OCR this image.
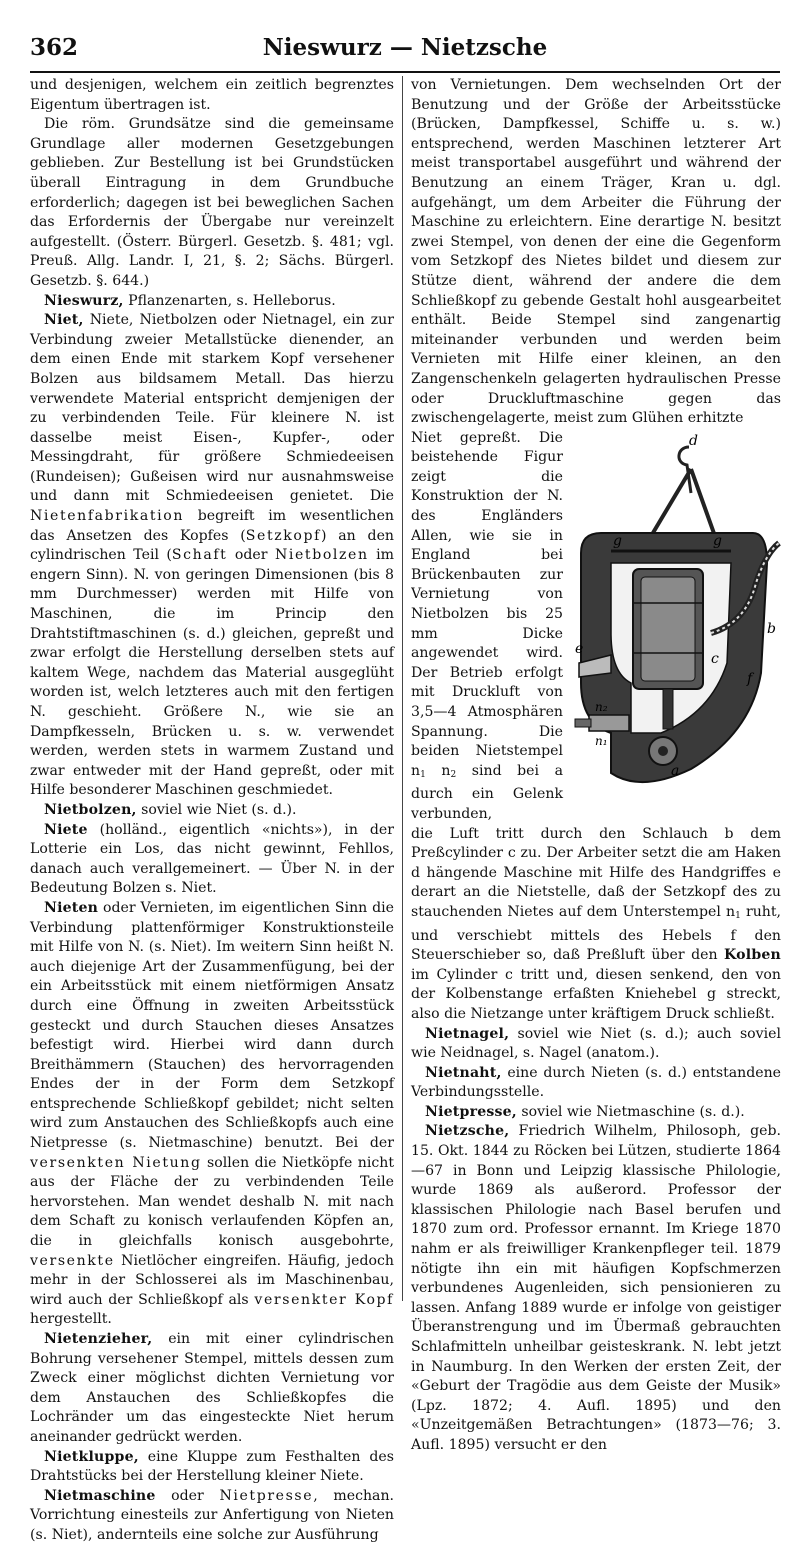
362	Nieswurz — Nietzsche

und desjenigen, welchem ein zeitlich begrenztes Eigentum übertragen ist.

Die röm. Grundsätze sind die gemeinsame Grundlage aller modernen Gesetzgebungen geblieben. Zur Bestellung ist bei Grundstücken überall Eintragung in dem Grundbuche erforderlich; dagegen ist bei beweglichen Sachen das Erfordernis der Übergabe nur vereinzelt aufgestellt. (Österr. Bürgerl. Gesetzb. §. 481; vgl. Preuß. Allg. Landr. I, 21, §. 2; Sächs. Bürgerl. Gesetzb. §. 644.)

Nieswurz, Pflanzenarten, s. Helleborus.

Niet, Niete, Nietbolzen oder Nietnagel, ein zur Verbindung zweier Metallstücke dienender, an dem einen Ende mit starkem Kopf versehener Bolzen aus bildsamem Metall. Das hierzu verwendete Material entspricht demjenigen der zu verbindenden Teile. Für kleinere N. ist dasselbe meist Eisen-, Kupfer-, oder Messingdraht, für größere Schmiedeeisen (Rundeisen); Gußeisen wird nur ausnahmsweise und dann mit Schmiedeeisen genietet. Die Nietenfabrikation begreift im wesentlichen das Ansetzen des Kopfes (Setzkopf) an den cylindrischen Teil (Schaft oder Nietbolzen im engern Sinn). N. von geringen Dimensionen (bis 8 mm Durchmesser) werden mit Hilfe von Maschinen, die im Princip den Drahtstiftmaschinen (s. d.) gleichen, gepreßt und zwar erfolgt die Herstellung derselben stets auf kaltem Wege, nachdem das Material ausgeglüht worden ist, welch letzteres auch mit den fertigen N. geschieht. Größere N., wie sie an Dampfkesseln, Brücken u. s. w. verwendet werden, werden stets in warmem Zustand und zwar entweder mit der Hand gepreßt, oder mit Hilfe besonderer Maschinen geschmiedet.

Nietbolzen, soviel wie Niet (s. d.).

Niete (holländ., eigentlich «nichts»), in der Lotterie ein Los, das nicht gewinnt, Fehllos, danach auch verallgemeinert. — Über N. in der Bedeutung Bolzen s. Niet.

Nieten oder Vernieten, im eigentlichen Sinn die Verbindung plattenförmiger Konstruktionsteile mit Hilfe von N. (s. Niet). Im weitern Sinn heißt N. auch diejenige Art der Zusammenfügung, bei der ein Arbeitsstück mit einem nietförmigen Ansatz durch eine Öffnung in zweiten Arbeitsstück gesteckt und durch Stauchen dieses Ansatzes befestigt wird. Hierbei wird dann durch Breithämmern (Stauchen) des hervorragenden Endes der in der Form dem Setzkopf entsprechende Schließkopf gebildet; nicht selten wird zum Anstauchen des Schließkopfs auch eine Nietpresse (s. Nietmaschine) benutzt. Bei der versenkten Nietung sollen die Nietköpfe nicht aus der Fläche der zu verbindenden Teile hervorstehen. Man wendet deshalb N. mit nach dem Schaft zu konisch verlaufenden Köpfen an, die in gleichfalls konisch ausgebohrte, versenkte Nietlöcher eingreifen. Häufig, jedoch mehr in der Schlosserei als im Maschinenbau, wird auch der Schließkopf als versenkter Kopf hergestellt.

Nietenzieher, ein mit einer cylindrischen Bohrung versehener Stempel, mittels dessen zum Zweck einer möglichst dichten Vernietung vor dem Anstauchen des Schließkopfes die Lochränder um das eingesteckte Niet herum aneinander gedrückt werden.

Nietkluppe, eine Kluppe zum Festhalten des Drahtstücks bei der Herstellung kleiner Niete.

Nietmaschine oder Nietpresse, mechan. Vorrichtung einesteils zur Anfertigung von Nieten (s. Niet), andernteils eine solche zur Ausführung

von Vernietungen. Dem wechselnden Ort der Benutzung und der Größe der Arbeitsstücke (Brücken, Dampfkessel, Schiffe u. s. w.) entsprechend, werden Maschinen letzterer Art meist transportabel ausgeführt und während der Benutzung an einem Träger, Kran u. dgl. aufgehängt, um dem Arbeiter die Führung der Maschine zu erleichtern. Eine derartige N. besitzt zwei Stempel, von denen der eine die Gegenform vom Setzkopf des Nietes bildet und diesem zur Stütze dient, während der andere die dem Schließkopf zu gebende Gestalt hohl ausgearbeitet enthält. Beide Stempel sind zangenartig miteinander verbunden und werden beim Vernieten mit Hilfe einer kleinen, an den Zangenschenkeln gelagerten hydraulischen Presse oder Druckluftmaschine gegen das zwischengelagerte, meist zum Glühen erhitzte

d
g	g
e
c
b
f
n₂
n₁
a

Niet gepreßt. Die beistehende Figur zeigt die Konstruktion der N. des Engländers Allen, wie sie in England bei Brückenbauten zur Vernietung von Nietbolzen bis 25 mm Dicke angewendet wird. Der Betrieb erfolgt mit Druckluft von 3,5—4 Atmosphären Spannung. Die beiden Nietstempel $n_1$ $n_2$ sind bei a durch ein Gelenk verbunden,

die Luft tritt durch den Schlauch b dem Preßcylinder c zu. Der Arbeiter setzt die am Haken d hängende Maschine mit Hilfe des Handgriffes e derart an die Nietstelle, daß der Setzkopf des zu stauchenden Nietes auf dem Unterstempel $n_1$ ruht, und verschiebt mittels des Hebels f den Steuerschieber so, daß Preßluft über den Kolben im Cylinder c tritt und, diesen senkend, den von der Kolbenstange erfaßten Kniehebel g streckt, also die Nietzange unter kräftigem Druck schließt.

Nietnagel, soviel wie Niet (s. d.); auch soviel wie Neidnagel, s. Nagel (anatom.).

Nietnaht, eine durch Nieten (s. d.) entstandene Verbindungsstelle.

Nietpresse, soviel wie Nietmaschine (s. d.).

Nietzsche, Friedrich Wilhelm, Philosoph, geb. 15. Okt. 1844 zu Röcken bei Lützen, studierte 1864—67 in Bonn und Leipzig klassische Philologie, wurde 1869 als außerord. Professor der klassischen Philologie nach Basel berufen und 1870 zum ord. Professor ernannt. Im Kriege 1870 nahm er als freiwilliger Krankenpfleger teil. 1879 nötigte ihn ein mit häufigen Kopfschmerzen verbundenes Augenleiden, sich pensionieren zu lassen. Anfang 1889 wurde er infolge von geistiger Überanstrengung und im Übermaß gebrauchten Schlafmitteln unheilbar geisteskrank. N. lebt jetzt in Naumburg. In den Werken der ersten Zeit, der «Geburt der Tragödie aus dem Geiste der Musik» (Lpz. 1872; 4. Aufl. 1895) und den «Unzeitgemäßen Betrachtungen» (1873—76; 3. Aufl. 1895) versucht er den
